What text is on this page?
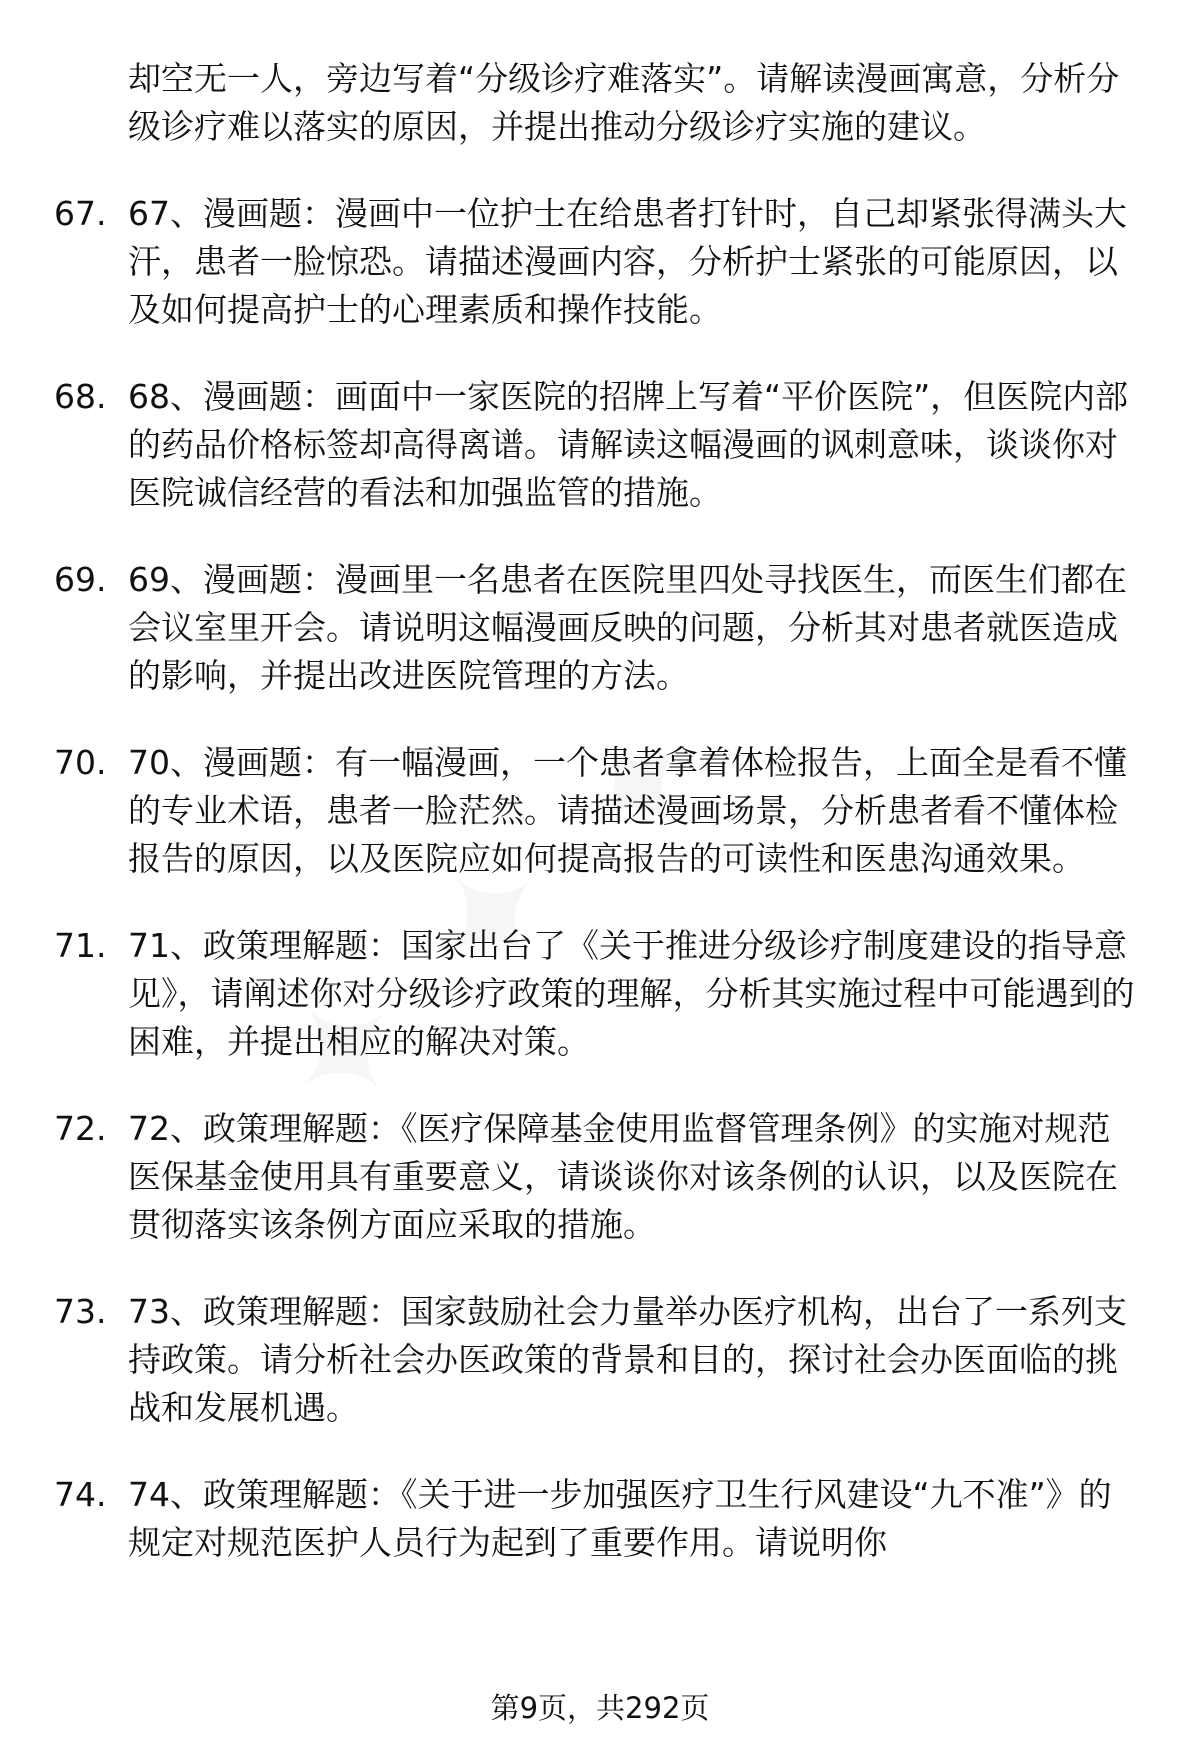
却空无一人，旁边写着“分级诊疗难落实”。请解读漫画寓意，分析分级诊疗难以落实的原因，并提出推动分级诊疗实施的建议。
67. 67、漫画题：漫画中一位护士在给患者打针时，自己却紧张得满头大汗，患者一脸惊恐。请描述漫画内容，分析护士紧张的可能原因，以及如何提高护士的心理素质和操作技能。
68. 68、漫画题：画面中一家医院的招牌上写着“平价医院”，但医院内部的药品价格标签却高得离谱。请解读这幅漫画的讽刺意味，谈谈你对医院诚信经营的看法和加强监管的措施。
69. 69、漫画题：漫画里一名患者在医院里四处寻找医生，而医生们都在会议室里开会。请说明这幅漫画反映的问题，分析其对患者就医造成的影响，并提出改进医院管理的方法。
70. 70、漫画题：有一幅漫画，一个患者拿着体检报告，上面全是看不懂的专业术语，患者一脸茫然。请描述漫画场景，分析患者看不懂体检报告的原因，以及医院应如何提高报告的可读性和医患沟通效果。
71. 71、政策理解题：国家出台了《关于推进分级诊疗制度建设的指导意见》，请阐述你对分级诊疗政策的理解，分析其实施过程中可能遇到的困难，并提出相应的解决对策。
72. 72、政策理解题：《医疗保障基金使用监督管理条例》的实施对规范医保基金使用具有重要意义，请谈谈你对该条例的认识，以及医院在贯彻落实该条例方面应采取的措施。
73. 73、政策理解题：国家鼓励社会力量举办医疗机构，出台了一系列支持政策。请分析社会办医政策的背景和目的，探讨社会办医面临的挑战和发展机遇。
74. 74、政策理解题：《关于进一步加强医疗卫生行风建设“九不准”》的规定对规范医护人员行为起到了重要作用。请说明你
第9页，共292页
